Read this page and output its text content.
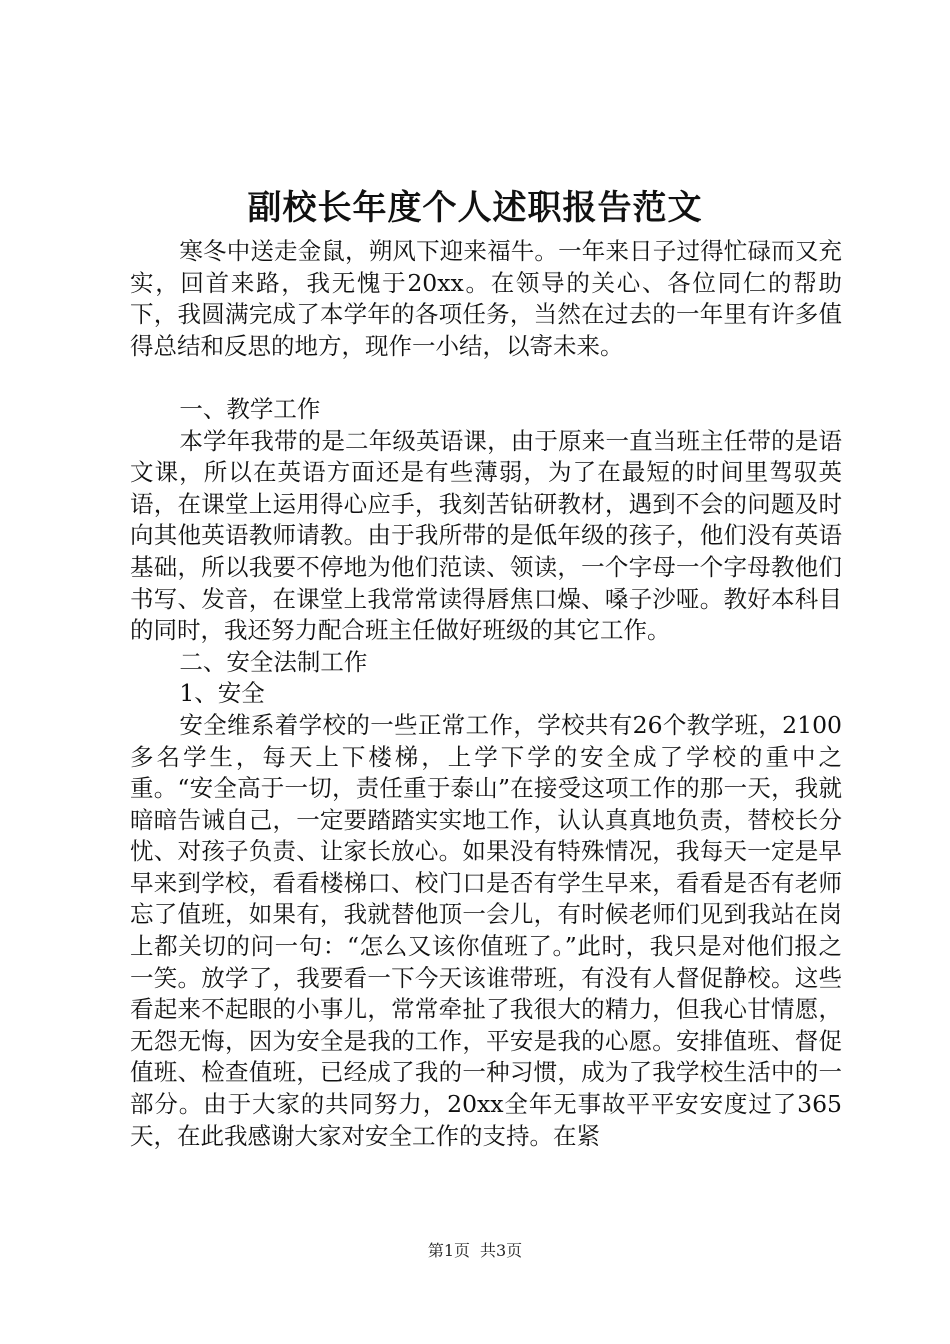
副校长年度个人述职报告范文

寒冬中送走金鼠，朔风下迎来福牛。一年来日子过得忙碌而又充实，回首来路，我无愧于20xx。在领导的关心、各位同仁的帮助下，我圆满完成了本学年的各项任务，当然在过去的一年里有许多值得总结和反思的地方，现作一小结，以寄未来。

一、教学工作

本学年我带的是二年级英语课，由于原来一直当班主任带的是语文课，所以在英语方面还是有些薄弱，为了在最短的时间里驾驭英语，在课堂上运用得心应手，我刻苦钻研教材，遇到不会的问题及时向其他英语教师请教。由于我所带的是低年级的孩子，他们没有英语基础，所以我要不停地为他们范读、领读，一个字母一个字母教他们书写、发音，在课堂上我常常读得唇焦口燥、嗓子沙哑。教好本科目的同时，我还努力配合班主任做好班级的其它工作。

二、安全法制工作

1、安全

安全维系着学校的一些正常工作，学校共有26个教学班，2100多名学生，每天上下楼梯，上学下学的安全成了学校的重中之重。“安全高于一切，责任重于泰山”在接受这项工作的那一天，我就暗暗告诫自己，一定要踏踏实实地工作，认认真真地负责，替校长分忧、对孩子负责、让家长放心。如果没有特殊情况，我每天一定是早早来到学校，看看楼梯口、校门口是否有学生早来，看看是否有老师忘了值班，如果有，我就替他顶一会儿，有时候老师们见到我站在岗上都关切的问一句：“怎么又该你值班了。”此时，我只是对他们报之一笑。放学了，我要看一下今天该谁带班，有没有人督促静校。这些看起来不起眼的小事儿，常常牵扯了我很大的精力，但我心甘情愿，无怨无悔，因为安全是我的工作，平安是我的心愿。安排值班、督促值班、检查值班，已经成了我的一种习惯，成为了我学校生活中的一部分。由于大家的共同努力，20xx全年无事故平平安安度过了365天，在此我感谢大家对安全工作的支持。在紧

第1页 共3页
